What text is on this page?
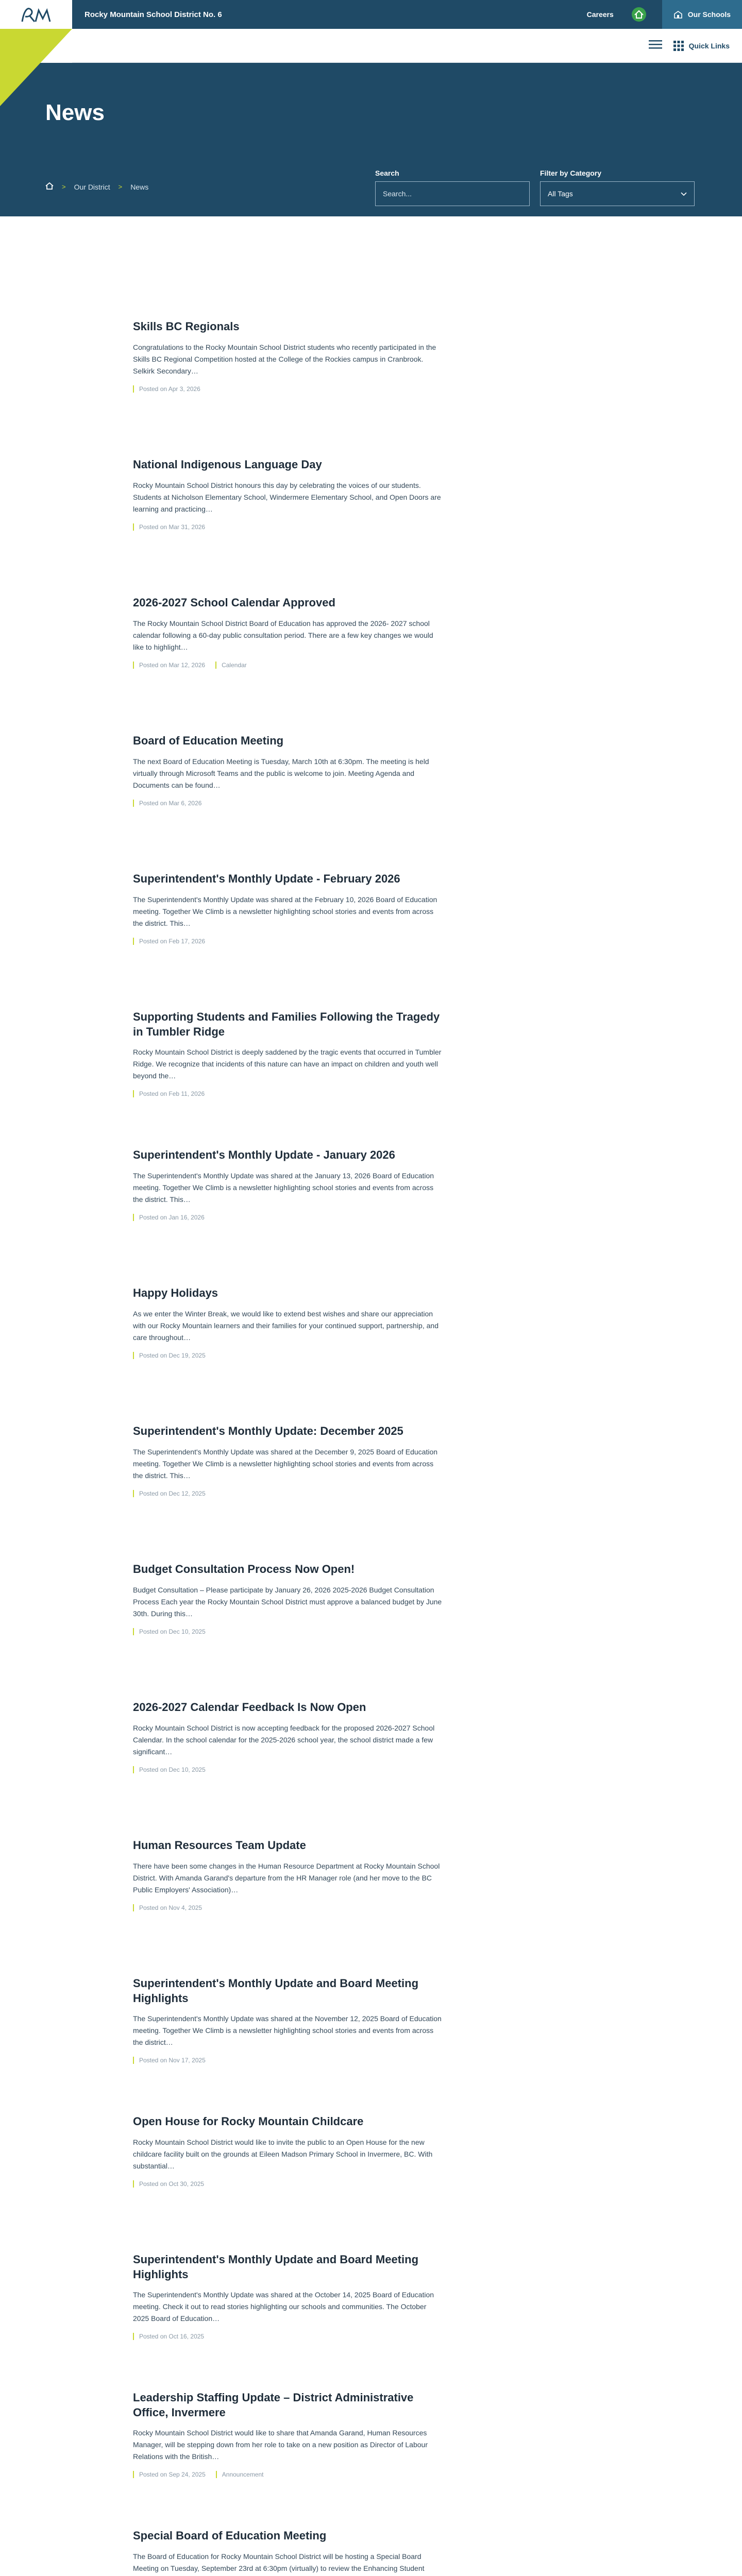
Rocky Mountain School District No. 6	Careers	Our Schools
Quick Links
News
> Our District > News
Search
Search...	Filter by Category
All Tags
Skills BC Regionals

Congratulations to the Rocky Mountain School District students who recently participated in the Skills BC Regional Competition hosted at the College of the Rockies campus in Cranbrook. Selkirk Secondary…

Posted on Apr 3, 2026
National Indigenous Language Day

Rocky Mountain School District honours this day by celebrating the voices of our students. Students at Nicholson Elementary School, Windermere Elementary School, and Open Doors are learning and practicing…

Posted on Mar 31, 2026
2026-2027 School Calendar Approved

The Rocky Mountain School District Board of Education has approved the 2026- 2027 school calendar following a 60-day public consultation period. There are a few key changes we would like to highlight…

Posted on Mar 12, 2026	Calendar
Board of Education Meeting

The next Board of Education Meeting is Tuesday, March 10th at 6:30pm. The meeting is held virtually through Microsoft Teams and the public is welcome to join. Meeting Agenda and Documents can be found…

Posted on Mar 6, 2026
Superintendent's Monthly Update - February 2026

The Superintendent's Monthly Update was shared at the February 10, 2026 Board of Education meeting. Together We Climb is a newsletter highlighting school stories and events from across the district. This…

Posted on Feb 17, 2026
Supporting Students and Families Following the Tragedy in Tumbler Ridge

Rocky Mountain School District is deeply saddened by the tragic events that occurred in Tumbler Ridge. We recognize that incidents of this nature can have an impact on children and youth well beyond the…

Posted on Feb 11, 2026
Superintendent's Monthly Update - January 2026

The Superintendent's Monthly Update was shared at the January 13, 2026 Board of Education meeting. Together We Climb is a newsletter highlighting school stories and events from across the district. This…

Posted on Jan 16, 2026
Happy Holidays

As we enter the Winter Break, we would like to extend best wishes and share our appreciation with our Rocky Mountain learners and their families for your continued support, partnership, and care throughout…

Posted on Dec 19, 2025
Superintendent's Monthly Update: December 2025

The Superintendent's Monthly Update was shared at the December 9, 2025 Board of Education meeting. Together We Climb is a newsletter highlighting school stories and events from across the district. This…

Posted on Dec 12, 2025
Budget Consultation Process Now Open!

Budget Consultation – Please participate by January 26, 2026 2025-2026 Budget Consultation Process Each year the Rocky Mountain School District must approve a balanced budget by June 30th. During this…

Posted on Dec 10, 2025
2026-2027 Calendar Feedback Is Now Open

Rocky Mountain School District is now accepting feedback for the proposed 2026-2027 School Calendar. In the school calendar for the 2025-2026 school year, the school district made a few significant…

Posted on Dec 10, 2025
Human Resources Team Update

There have been some changes in the Human Resource Department at Rocky Mountain School District. With Amanda Garand's departure from the HR Manager role (and her move to the BC Public Employers' Association)…

Posted on Nov 4, 2025
Superintendent's Monthly Update and Board Meeting Highlights

The Superintendent's Monthly Update was shared at the November 12, 2025 Board of Education meeting. Together We Climb is a newsletter highlighting school stories and events from across the district…

Posted on Nov 17, 2025
Open House for Rocky Mountain Childcare

Rocky Mountain School District would like to invite the public to an Open House for the new childcare facility built on the grounds at Eileen Madson Primary School in Invermere, BC. With substantial…

Posted on Oct 30, 2025
Superintendent's Monthly Update and Board Meeting Highlights

The Superintendent's Monthly Update was shared at the October 14, 2025 Board of Education meeting. Check it out to read stories highlighting our schools and communities. The October 2025 Board of Education…

Posted on Oct 16, 2025
Leadership Staffing Update – District Administrative Office, Invermere

Rocky Mountain School District would like to share that Amanda Garand, Human Resources Manager, will be stepping down from her role to take on a new position as Director of Labour Relations with the British…

Posted on Sep 24, 2025	Announcement
Special Board of Education Meeting

The Board of Education for Rocky Mountain School District will be hosting a Special Board Meeting on Tuesday, September 23rd at 6:30pm (virtually) to review the Enhancing Student
